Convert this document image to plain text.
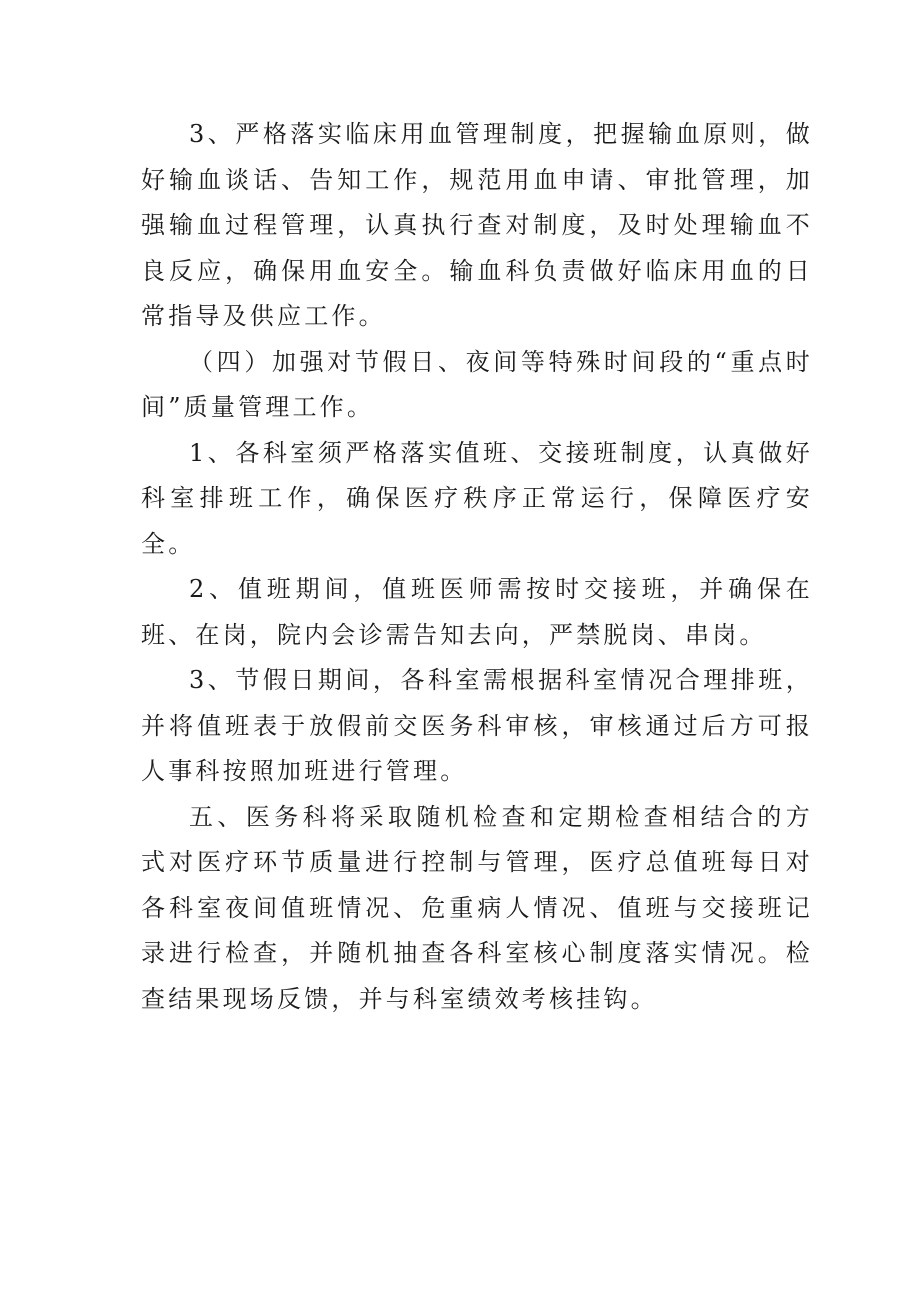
3、严格落实临床用血管理制度，把握输血原则，做好输血谈话、告知工作，规范用血申请、审批管理，加强输血过程管理，认真执行查对制度，及时处理输血不良反应，确保用血安全。输血科负责做好临床用血的日常指导及供应工作。

（四）加强对节假日、夜间等特殊时间段的“重点时间”质量管理工作。

1、各科室须严格落实值班、交接班制度，认真做好科室排班工作，确保医疗秩序正常运行，保障医疗安全。

2、值班期间，值班医师需按时交接班，并确保在班、在岗，院内会诊需告知去向，严禁脱岗、串岗。

3、节假日期间，各科室需根据科室情况合理排班，并将值班表于放假前交医务科审核，审核通过后方可报人事科按照加班进行管理。

五、医务科将采取随机检查和定期检查相结合的方式对医疗环节质量进行控制与管理，医疗总值班每日对各科室夜间值班情况、危重病人情况、值班与交接班记录进行检查，并随机抽查各科室核心制度落实情况。检查结果现场反馈，并与科室绩效考核挂钩。
